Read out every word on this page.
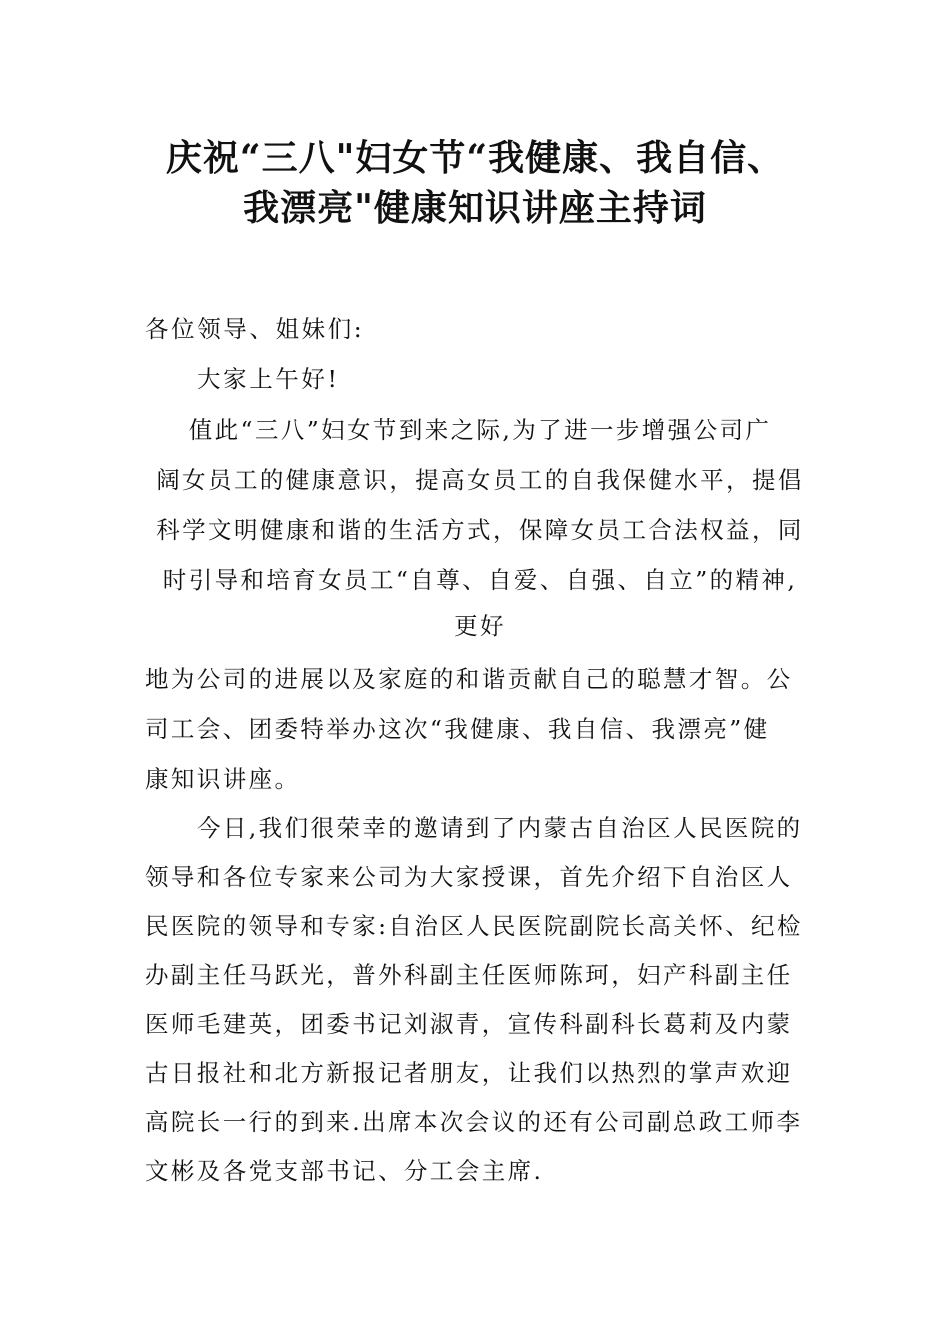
庆祝“三八"妇女节“我健康、我自信、
我漂亮"健康知识讲座主持词
各位领导、姐妹们:
大家上午好!
值此“三八”妇女节到来之际,为了进一步增强公司广
阔女员工的健康意识，提高女员工的自我保健水平，提倡
科学文明健康和谐的生活方式，保障女员工合法权益，同
时引导和培育女员工“自尊、自爱、自强、自立”的精神,
更好
地为公司的进展以及家庭的和谐贡献自己的聪慧才智。公
司工会、团委特举办这次“我健康、我自信、我漂亮”健
康知识讲座。
今日,我们很荣幸的邀请到了内蒙古自治区人民医院的
领导和各位专家来公司为大家授课，首先介绍下自治区人
民医院的领导和专家:自治区人民医院副院长高关怀、纪检
办副主任马跃光，普外科副主任医师陈珂，妇产科副主任
医师毛建英，团委书记刘淑青，宣传科副科长葛莉及内蒙
古日报社和北方新报记者朋友，让我们以热烈的掌声欢迎
高院长一行的到来.出席本次会议的还有公司副总政工师李
文彬及各党支部书记、分工会主席.
